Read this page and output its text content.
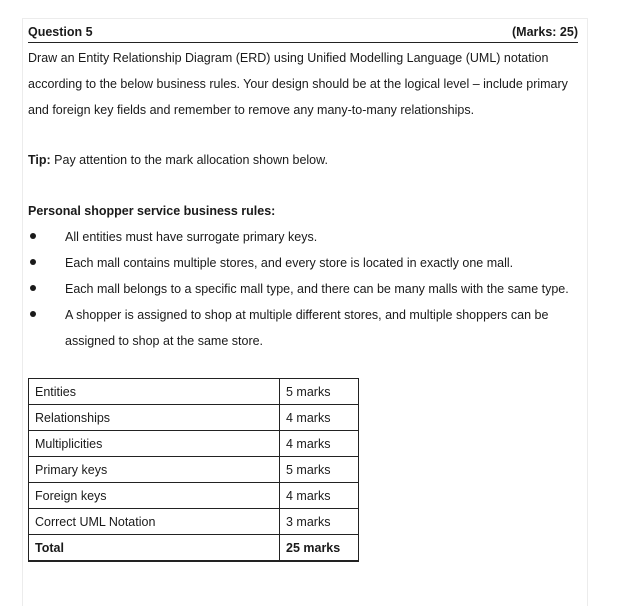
Question 5	(Marks: 25)
Draw an Entity Relationship Diagram (ERD) using Unified Modelling Language (UML) notation
according to the below business rules. Your design should be at the logical level – include primary
and foreign key fields and remember to remove any many-to-many relationships.
Tip: Pay attention to the mark allocation shown below.
Personal shopper service business rules:
All entities must have surrogate primary keys.
Each mall contains multiple stores, and every store is located in exactly one mall.
Each mall belongs to a specific mall type, and there can be many malls with the same type.
A shopper is assigned to shop at multiple different stores, and multiple shoppers can be
assigned to shop at the same store.
Entities	5 marks
Relationships	4 marks
Multiplicities	4 marks
Primary keys	5 marks
Foreign keys	4 marks
Correct UML Notation	3 marks
Total	25 marks
